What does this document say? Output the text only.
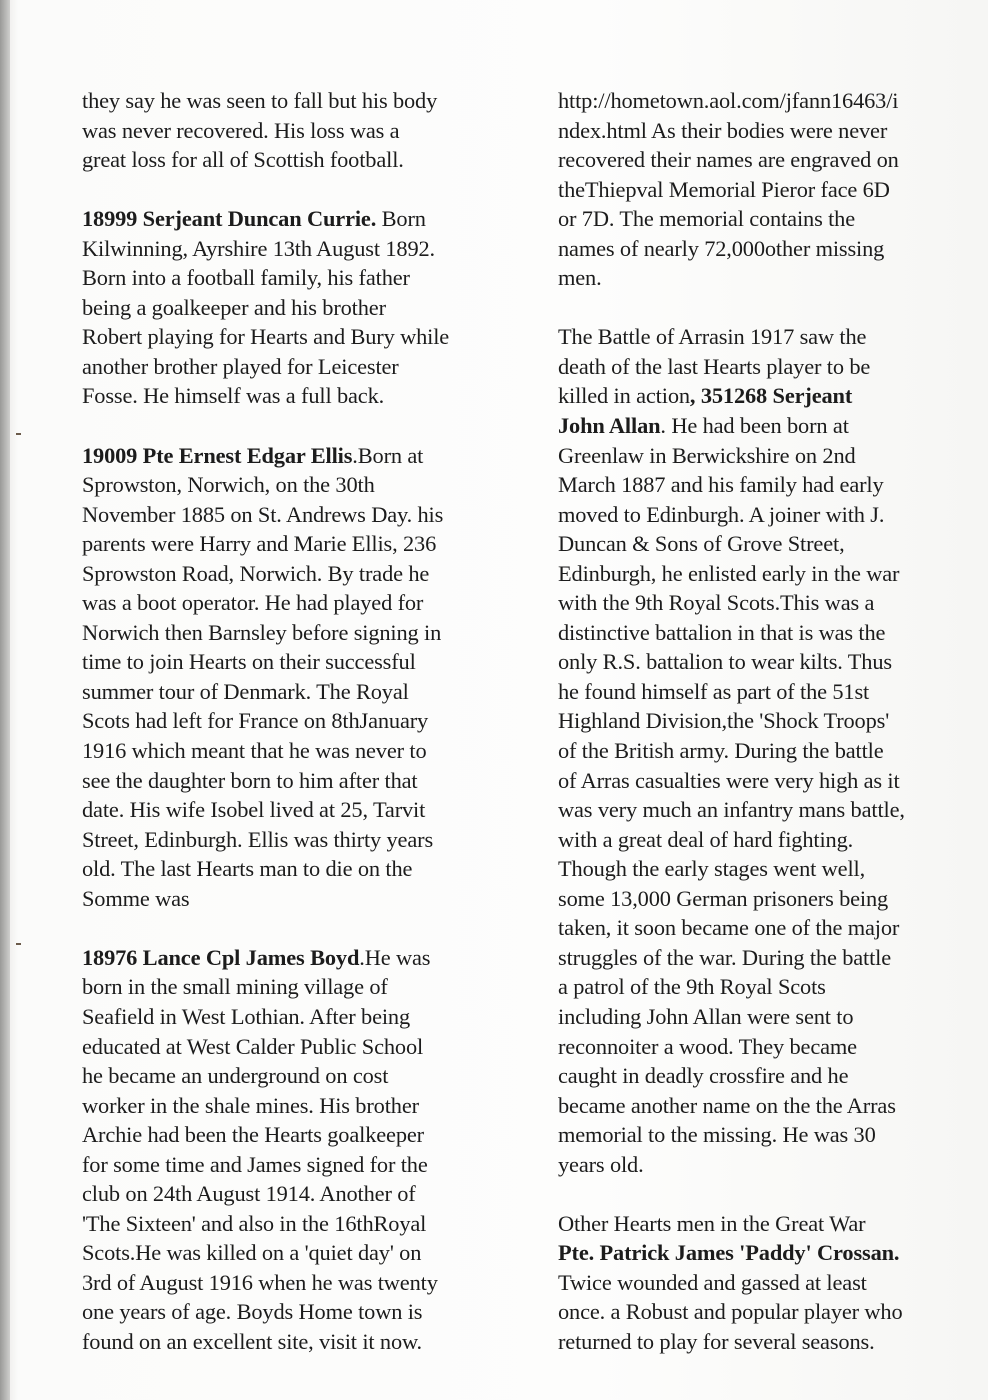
they say he was seen to fall but his body
was never recovered. His loss was a
great loss for all of Scottish football.

18999 Serjeant Duncan Currie. Born
Kilwinning, Ayrshire 13th August 1892.
Born into a football family, his father
being a goalkeeper and his brother
Robert playing for Hearts and Bury while
another brother played for Leicester
Fosse. He himself was a full back.

19009 Pte Ernest Edgar Ellis.Born at
Sprowston, Norwich, on the 30th
November 1885 on St. Andrews Day. his
parents were Harry and Marie Ellis, 236
Sprowston Road, Norwich. By trade he
was a boot operator. He had played for
Norwich then Barnsley before signing in
time to join Hearts on their successful
summer tour of Denmark. The Royal
Scots had left for France on 8thJanuary
1916 which meant that he was never to
see the daughter born to him after that
date. His wife Isobel lived at 25, Tarvit
Street, Edinburgh. Ellis was thirty years
old. The last Hearts man to die on the
Somme was

18976 Lance Cpl James Boyd.He was
born in the small mining village of
Seafield in West Lothian. After being
educated at West Calder Public School
he became an underground on cost
worker in the shale mines. His brother
Archie had been the Hearts goalkeeper
for some time and James signed for the
club on 24th August 1914. Another of
'The Sixteen' and also in the 16thRoyal
Scots.He was killed on a 'quiet day' on
3rd of August 1916 when he was twenty
one years of age. Boyds Home town is
found on an excellent site, visit it now.

http://hometown.aol.com/jfann16463/i
ndex.html As their bodies were never
recovered their names are engraved on
theThiepval Memorial Pieror face 6D
or 7D. The memorial contains the
names of nearly 72,000other missing
men.

The Battle of Arrasin 1917 saw the
death of the last Hearts player to be
killed in action, 351268 Serjeant
John Allan. He had been born at
Greenlaw in Berwickshire on 2nd
March 1887 and his family had early
moved to Edinburgh. A joiner with J.
Duncan & Sons of Grove Street,
Edinburgh, he enlisted early in the war
with the 9th Royal Scots.This was a
distinctive battalion in that is was the
only R.S. battalion to wear kilts. Thus
he found himself as part of the 51st
Highland Division,the 'Shock Troops'
of the British army. During the battle
of Arras casualties were very high as it
was very much an infantry mans battle,
with a great deal of hard fighting.
Though the early stages went well,
some 13,000 German prisoners being
taken, it soon became one of the major
struggles of the war. During the battle
a patrol of the 9th Royal Scots
including John Allan were sent to
reconnoiter a wood. They became
caught in deadly crossfire and he
became another name on the the Arras
memorial to the missing. He was 30
years old.

Other Hearts men in the Great War
Pte. Patrick James 'Paddy' Crossan.
Twice wounded and gassed at least
once. a Robust and popular player who
returned to play for several seasons.
